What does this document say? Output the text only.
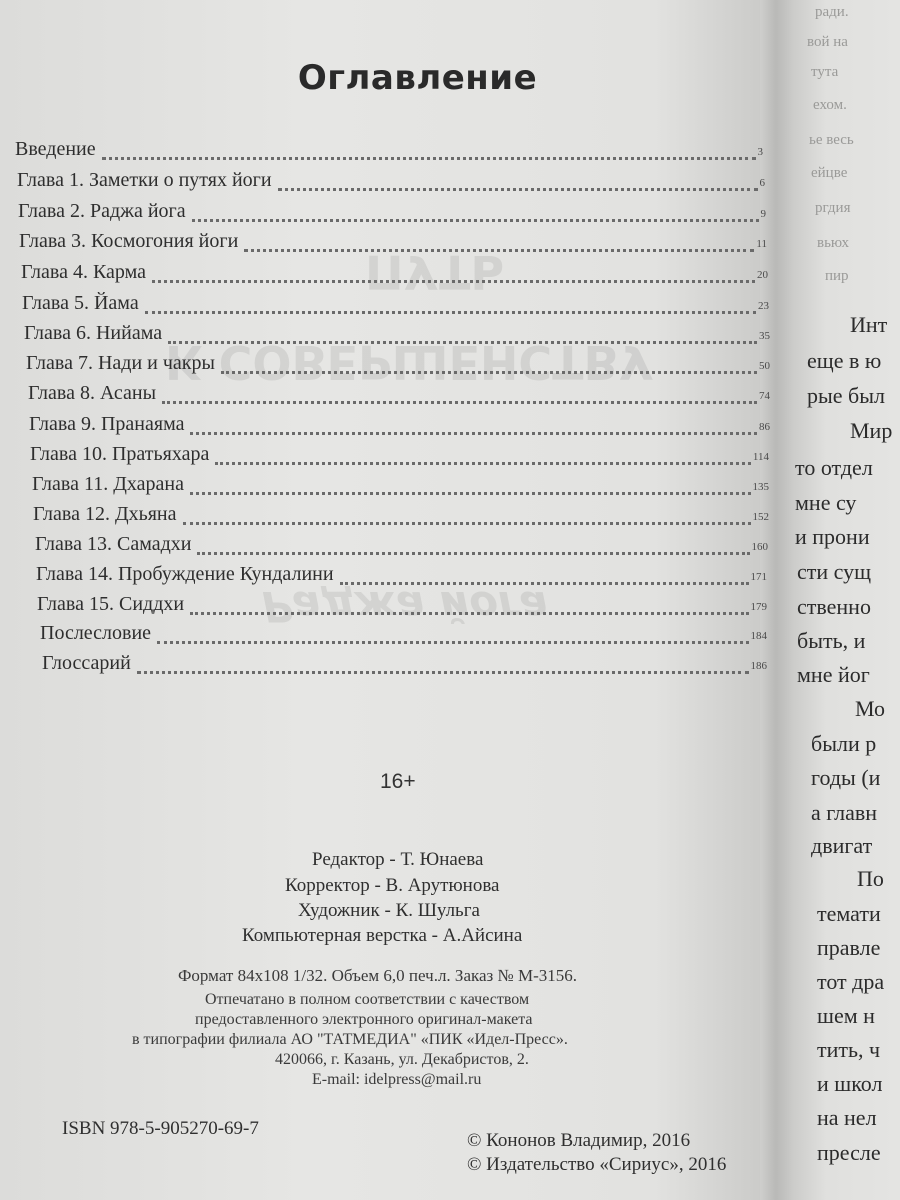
ПУТЬ
К СОВЕРШЕНСТВУ
Раджа йога
Оглавление
Введение	3
Глава 1. Заметки о путях йоги	6
Глава 2. Раджа йога	9
Глава 3. Космогония йоги	11
Глава 4. Карма	20
Глава 5. Йама	23
Глава 6. Нийама	35
Глава 7. Нади и чакры	50
Глава 8. Асаны	74
Глава 9. Пранаяма	86
Глава 10. Пратьяхара	114
Глава 11. Дхарана	135
Глава 12. Дхьяна	152
Глава 13. Самадхи	160
Глава 14. Пробуждение Кундалини	171
Глава 15. Сиддхи	179
Послесловие	184
Глоссарий	186
16+
Редактор - Т. Юнаева
Корректор - В. Арутюнова
Художник - К. Шульга
Компьютерная верстка - А.Айсина
Формат 84x108 1/32. Объем 6,0 печ.л. Заказ № М-3156.
Отпечатано в полном соответствии с качеством
предоставленного электронного оригинал-макета
в типографии филиала АО "ТАТМЕДИА" «ПИК «Идел-Пресс».
420066, г. Казань, ул. Декабристов, 2.
E-mail: idelpress@mail.ru
ISBN 978-5-905270-69-7
© Кононов Владимир, 2016
© Издательство «Сириус», 2016
ради.
вой на
тута
ехом.
ье весь
ейцве
ргдия
вьюх
пир
Инт
еще в ю
рые был
Мир
то отдел
мне су
и прони
сти сущ
ственно
быть, и
мне йог
Мо
были р
годы (и
а главн
двигат
По
темати
правле
тот дра
шем н
тить, ч
и школ
на нел
пресле
